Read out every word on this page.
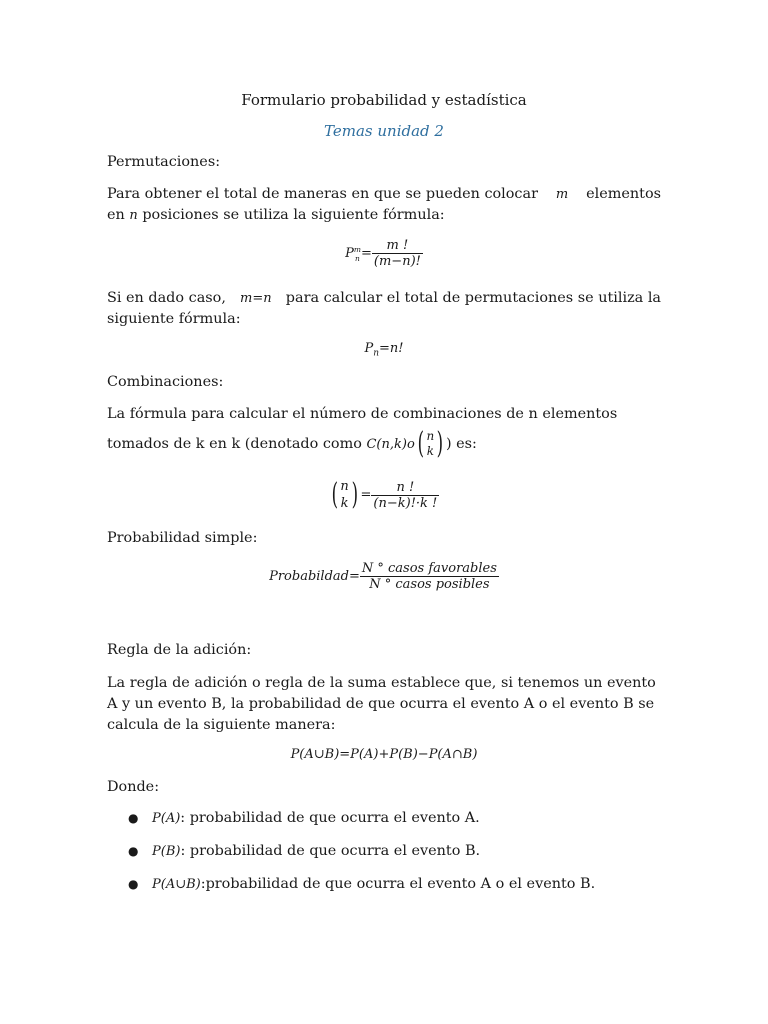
Formulario probabilidad y estadística
Temas unidad 2
Permutaciones:
Para obtener el total de maneras en que se pueden colocar m elementos
en n posiciones se utiliza la siguiente fórmula:
P m
$n = \frac{m !}{(m-n)!}$
Si en dado caso, m=n para calcular el total de permutaciones se utiliza la
siguiente fórmula:
$P_n=n$!
Combinaciones:
La fórmula para calcular el número de combinaciones de n elementos
tomados de k en k (denotado como C(n,k)o ( n
k ) ) es:
( n
k ) = $\frac{n !}{(n-k)!\cdot k !}$
Probabilidad simple:
Probabildad= $\frac{\text{N ° casos favorables}}{\text{N ° casos posibles}}$
Regla de la adición:
La regla de adición o regla de la suma establece que, si tenemos un evento
A y un evento B, la probabilidad de que ocurra el evento A o el evento B se
calcula de la siguiente manera:
P(A∪B)=P(A)+P(B)−P(A∩B)
Donde:
● P(A): probabilidad de que ocurra el evento A.
● P(B): probabilidad de que ocurra el evento B.
● P(A∪B):probabilidad de que ocurra el evento A o el evento B.
